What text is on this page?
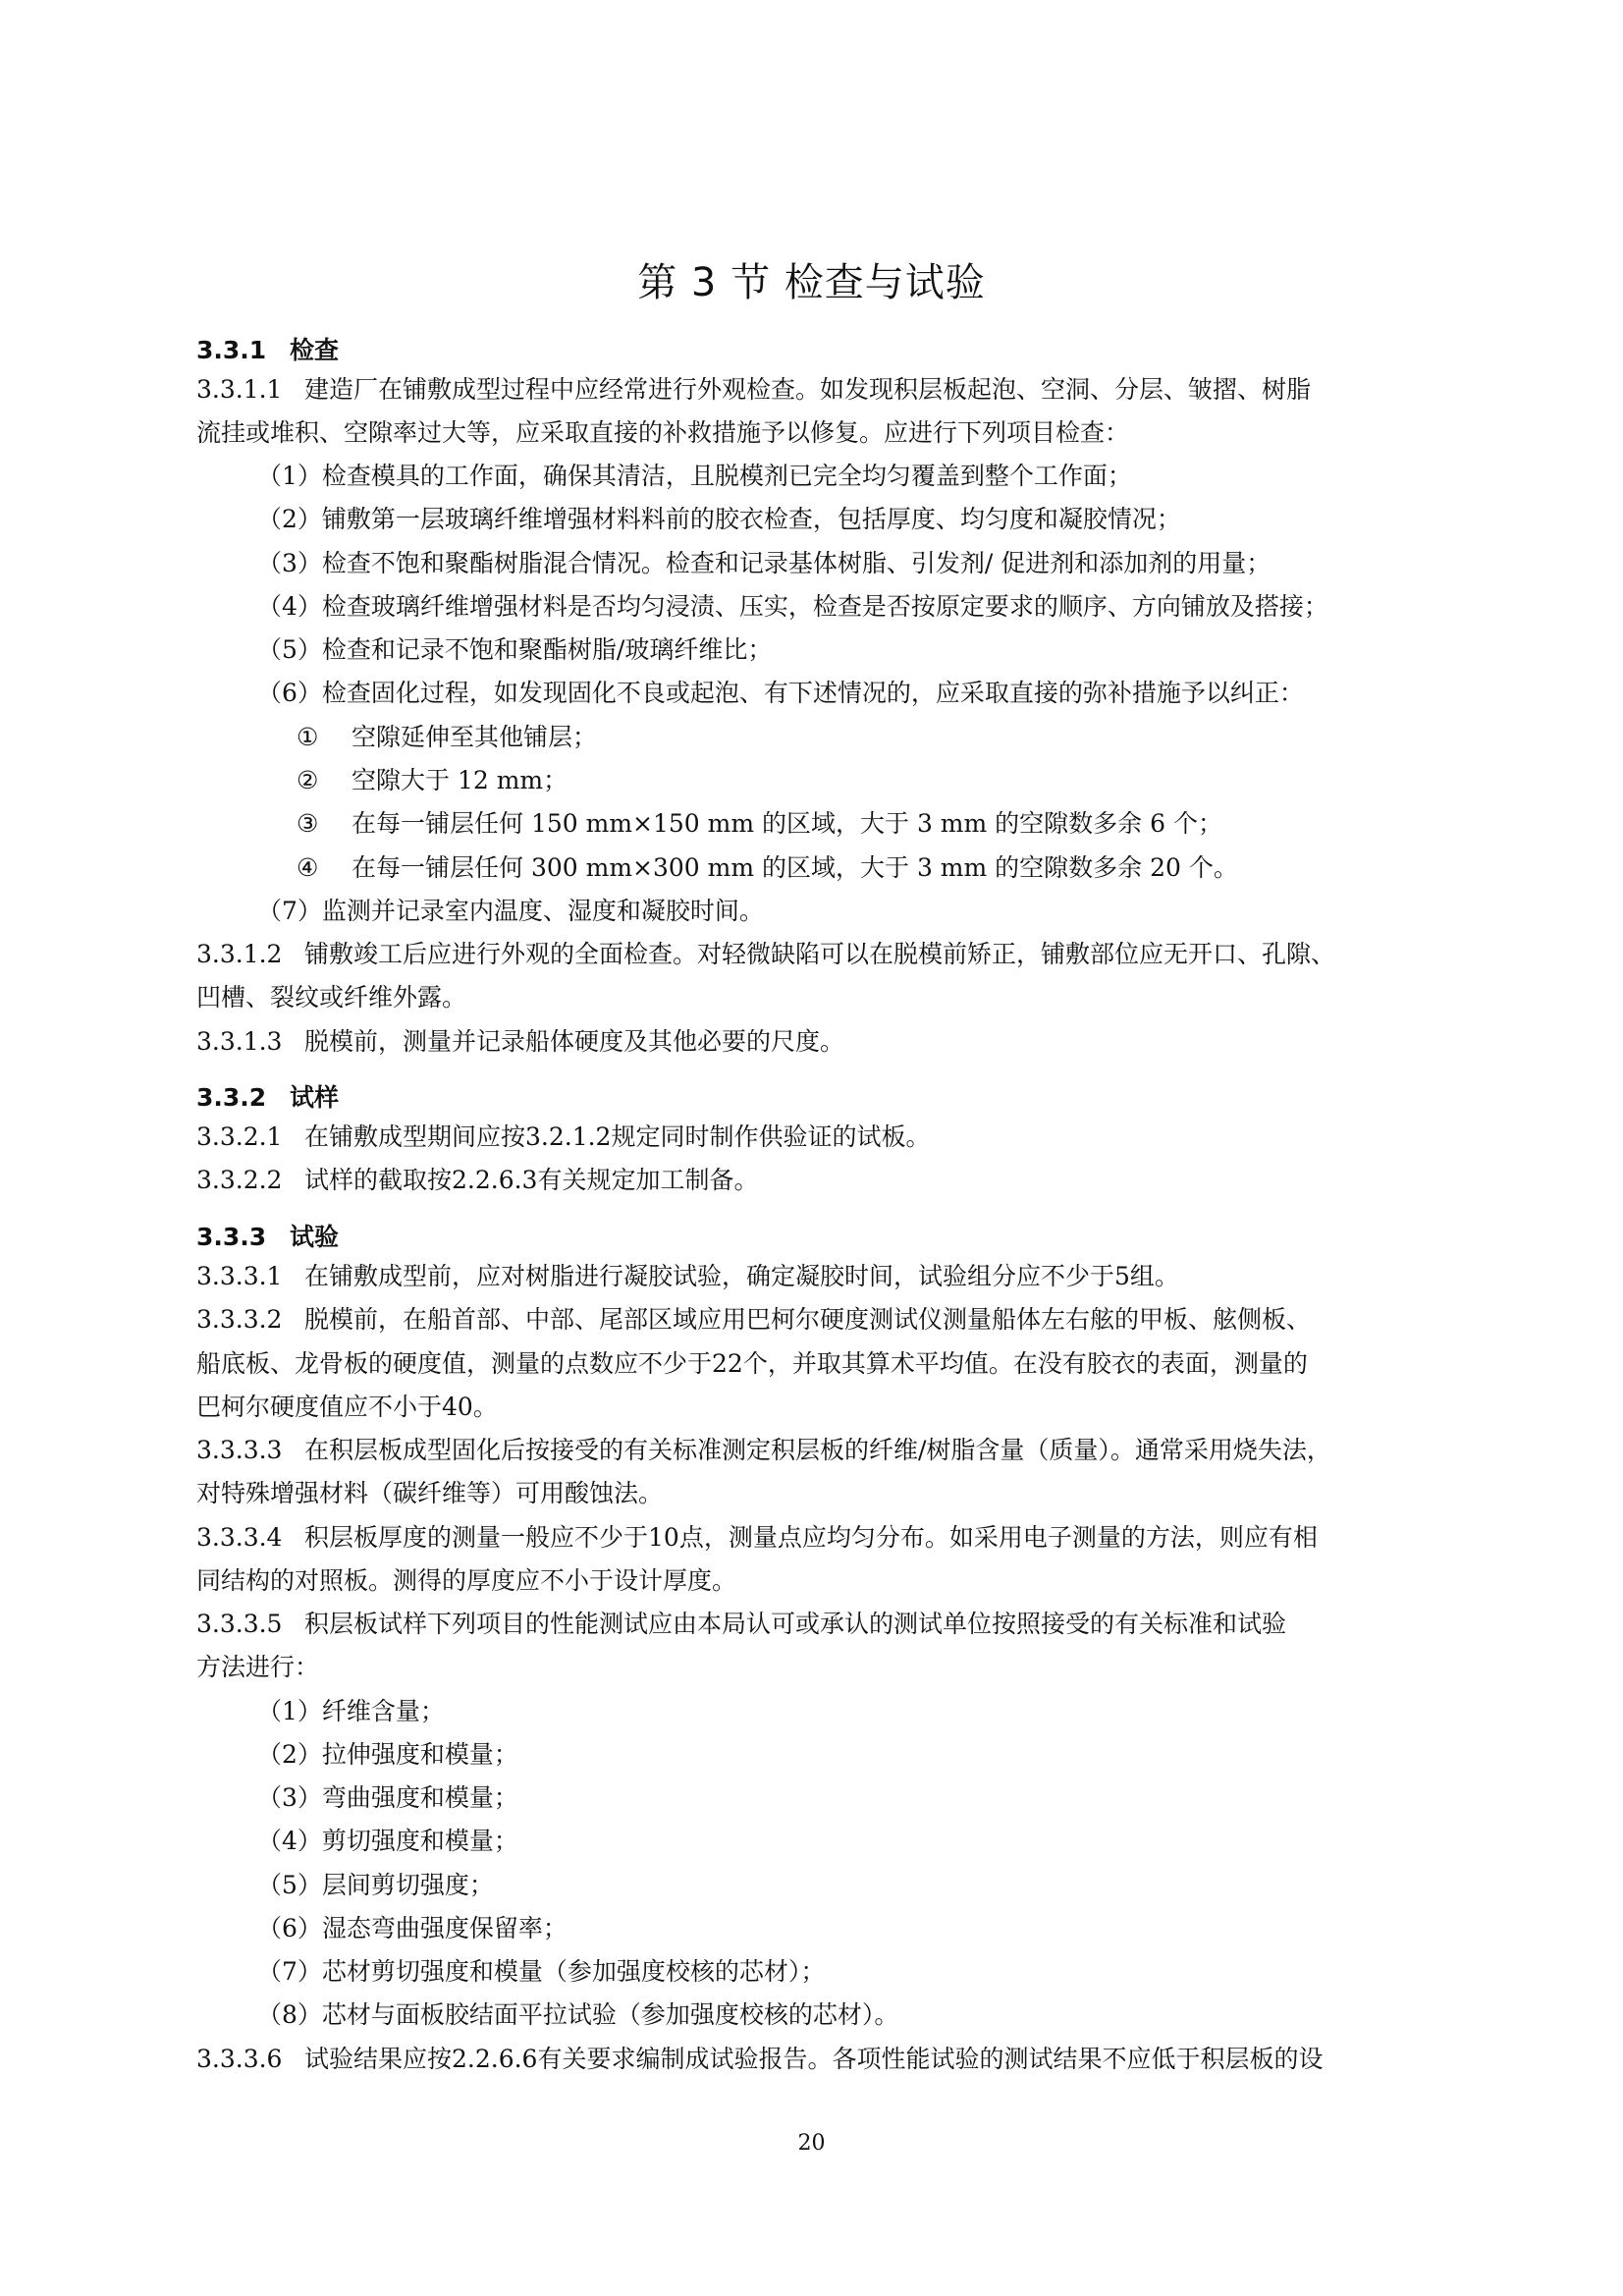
第 3 节 检查与试验
3.3.1 检查
3.3.1.1 建造厂在铺敷成型过程中应经常进行外观检查。如发现积层板起泡、空洞、分层、皱摺、树脂
流挂或堆积、空隙率过大等，应采取直接的补救措施予以修复。应进行下列项目检查：
（1）检查模具的工作面，确保其清洁，且脱模剂已完全均匀覆盖到整个工作面；
（2）铺敷第一层玻璃纤维增强材料料前的胶衣检查，包括厚度、均匀度和凝胶情况；
（3）检查不饱和聚酯树脂混合情况。检查和记录基体树脂、引发剂/ 促进剂和添加剂的用量；
（4）检查玻璃纤维增强材料是否均匀浸渍、压实，检查是否按原定要求的顺序、方向铺放及搭接；
（5）检查和记录不饱和聚酯树脂/玻璃纤维比；
（6）检查固化过程，如发现固化不良或起泡、有下述情况的，应采取直接的弥补措施予以纠正：
① 空隙延伸至其他铺层；
② 空隙大于 12 mm；
③ 在每一铺层任何 150 mm×150 mm 的区域，大于 3 mm 的空隙数多余 6 个；
④ 在每一铺层任何 300 mm×300 mm 的区域，大于 3 mm 的空隙数多余 20 个。
（7）监测并记录室内温度、湿度和凝胶时间。
3.3.1.2 铺敷竣工后应进行外观的全面检查。对轻微缺陷可以在脱模前矫正，铺敷部位应无开口、孔隙、
凹槽、裂纹或纤维外露。
3.3.1.3 脱模前，测量并记录船体硬度及其他必要的尺度。
3.3.2 试样
3.3.2.1 在铺敷成型期间应按3.2.1.2规定同时制作供验证的试板。
3.3.2.2 试样的截取按2.2.6.3有关规定加工制备。
3.3.3 试验
3.3.3.1 在铺敷成型前，应对树脂进行凝胶试验，确定凝胶时间，试验组分应不少于5组。
3.3.3.2 脱模前，在船首部、中部、尾部区域应用巴柯尔硬度测试仪测量船体左右舷的甲板、舷侧板、
船底板、龙骨板的硬度值，测量的点数应不少于22个，并取其算术平均值。在没有胶衣的表面，测量的
巴柯尔硬度值应不小于40。
3.3.3.3 在积层板成型固化后按接受的有关标准测定积层板的纤维/树脂含量（质量）。通常采用烧失法，
对特殊增强材料（碳纤维等）可用酸蚀法。
3.3.3.4 积层板厚度的测量一般应不少于10点，测量点应均匀分布。如采用电子测量的方法，则应有相
同结构的对照板。测得的厚度应不小于设计厚度。
3.3.3.5 积层板试样下列项目的性能测试应由本局认可或承认的测试单位按照接受的有关标准和试验
方法进行：
（1）纤维含量；
（2）拉伸强度和模量；
（3）弯曲强度和模量；
（4）剪切强度和模量；
（5）层间剪切强度；
（6）湿态弯曲强度保留率；
（7）芯材剪切强度和模量（参加强度校核的芯材）；
（8）芯材与面板胶结面平拉试验（参加强度校核的芯材）。
3.3.3.6 试验结果应按2.2.6.6有关要求编制成试验报告。各项性能试验的测试结果不应低于积层板的设
20
